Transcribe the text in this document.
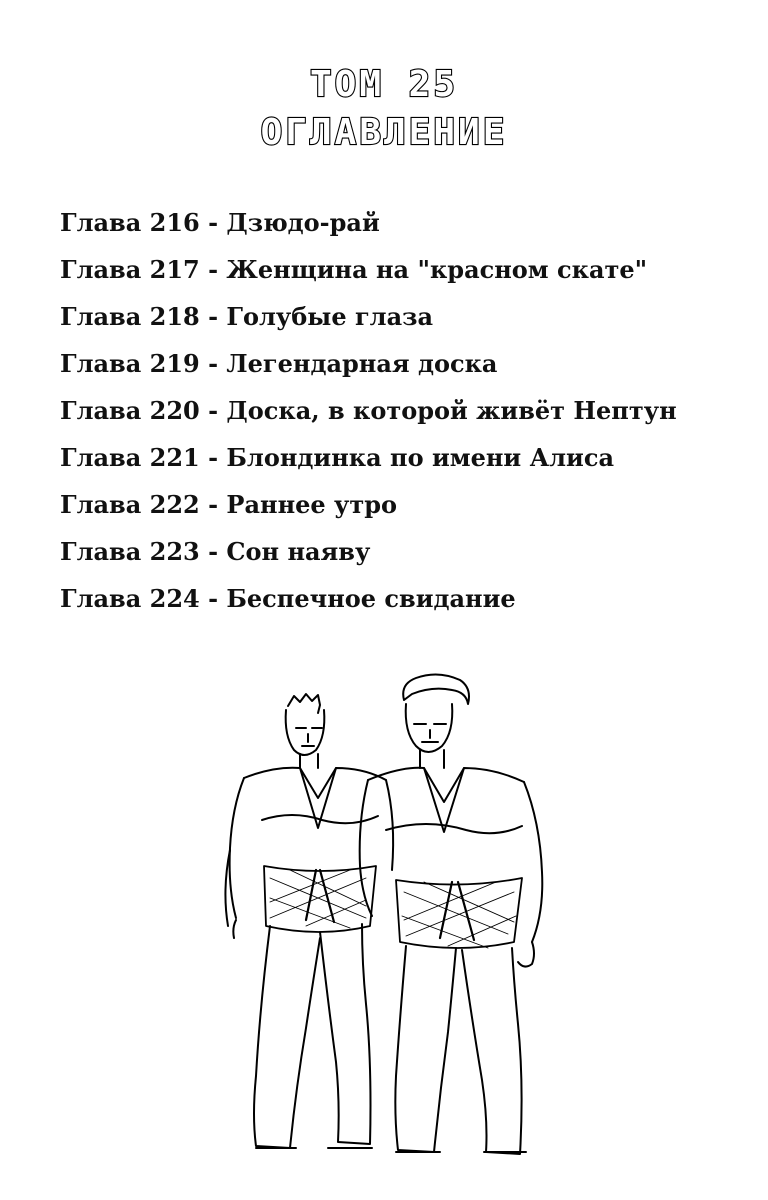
ТОМ 25
ОГЛАВЛЕНИЕ
Глава 216 - Дзюдо-рай
Глава 217 - Женщина на "красном скате"
Глава 218 - Голубые глаза
Глава 219 - Легендарная доска
Глава 220 - Доска, в которой живёт Нептун
Глава 221 - Блондинка по имени Алиса
Глава 222 - Раннее утро
Глава 223 - Сон наяву
Глава 224 - Беспечное свидание
